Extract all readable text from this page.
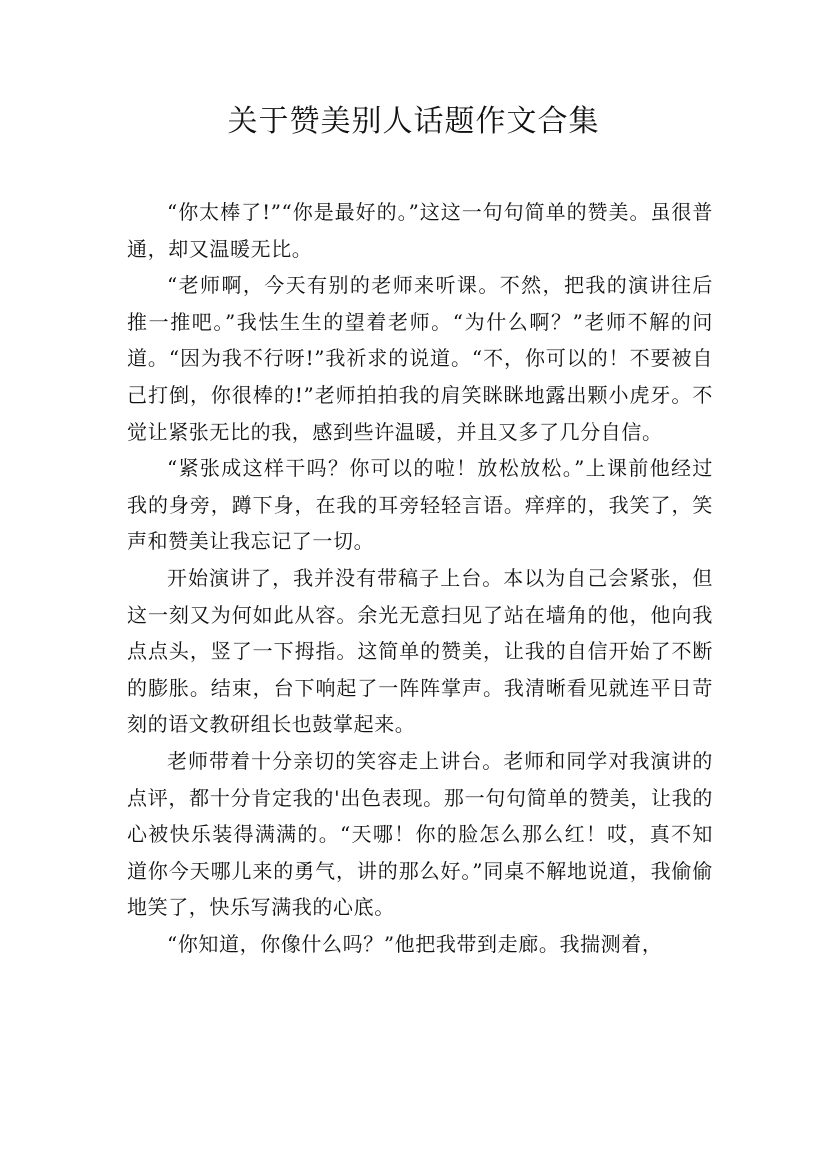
关于赞美别人话题作文合集

“你太棒了!”“你是最好的。”这这一句句简单的赞美。虽很普通，却又温暖无比。

“老师啊，今天有别的老师来听课。不然，把我的演讲往后推一推吧。”我怯生生的望着老师。“为什么啊？”老师不解的问道。“因为我不行呀!”我祈求的说道。“不，你可以的！不要被自己打倒，你很棒的!”老师拍拍我的肩笑眯眯地露出颗小虎牙。不觉让紧张无比的我，感到些许温暖，并且又多了几分自信。

“紧张成这样干吗？你可以的啦！放松放松。”上课前他经过我的身旁，蹲下身，在我的耳旁轻轻言语。痒痒的，我笑了，笑声和赞美让我忘记了一切。

开始演讲了，我并没有带稿子上台。本以为自己会紧张，但这一刻又为何如此从容。余光无意扫见了站在墙角的他，他向我点点头，竖了一下拇指。这简单的赞美，让我的自信开始了不断的膨胀。结束，台下响起了一阵阵掌声。我清晰看见就连平日苛刻的语文教研组长也鼓掌起来。

老师带着十分亲切的笑容走上讲台。老师和同学对我演讲的点评，都十分肯定我的'出色表现。那一句句简单的赞美，让我的心被快乐装得满满的。“天哪！你的脸怎么那么红！哎，真不知道你今天哪儿来的勇气，讲的那么好。”同桌不解地说道，我偷偷地笑了，快乐写满我的心底。

“你知道，你像什么吗？”他把我带到走廊。我揣测着，
